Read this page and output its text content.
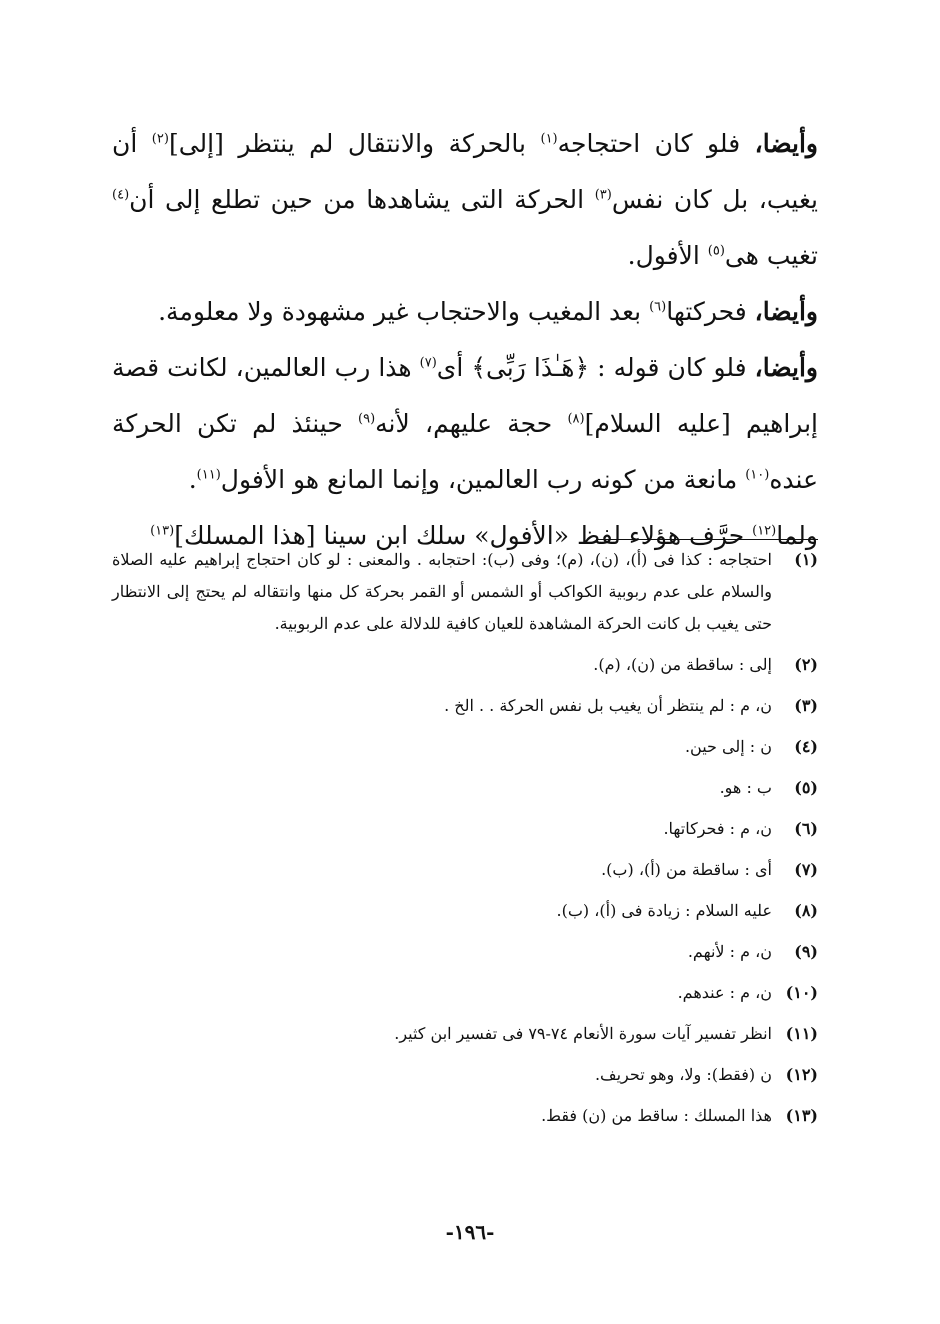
وأيضا، فلو كان احتجاجه$^{(١)}$ بالحركة والانتقال لم ينتظر [إلى]$^{(٢)}$ أن يغيب، بل كان نفس$^{(٣)}$ الحركة التى يشاهدها من حين تطلع إلى أن$^{(٤)}$ تغيب هى$^{(٥)}$ الأفول.

وأيضا، فحركتها$^{(٦)}$ بعد المغيب والاحتجاب غير مشهودة ولا معلومة.

وأيضا، فلو كان قوله : ﴿هَـٰذَا رَبِّى﴾ أى$^{(٧)}$ هذا رب العالمين، لكانت قصة إبراهيم [عليه السلام]$^{(٨)}$ حجة عليهم، لأنه$^{(٩)}$ حينئذ لم تكن الحركة عنده$^{(١٠)}$ مانعة من كونه رب العالمين، وإنما المانع هو الأفول$^{(١١)}$.

ولما$^{(١٢)}$ حرَّف هؤلاء لفظ «الأفول» سلك ابن سينا [هذا المسلك]$^{(١٣)}$

(١)
احتجاجه : كذا فى (أ)، (ن)، (م)؛ وفى (ب): احتجابه . والمعنى : لو كان احتجاج إبراهيم عليه الصلاة والسلام على عدم ربوبية الكواكب أو الشمس أو القمر بحركة كل منها وانتقاله لم يحتج إلى الانتظار حتى يغيب بل كانت الحركة المشاهدة للعيان كافية للدلالة على عدم الربوبية.
(٢)
إلى : ساقطة من (ن)، (م).
(٣)
ن، م : لم ينتظر أن يغيب بل نفس الحركة . . الخ .
(٤)
ن : إلى حين.
(٥)
ب : هو.
(٦)
ن، م : فحركاتها.
(٧)
أى : ساقطة من (أ)، (ب).
(٨)
عليه السلام : زيادة فى (أ)، (ب).
(٩)
ن، م : لأنهم.
(١٠)
ن، م : عندهم.
(١١)
انظر تفسير آيات سورة الأنعام ٧٤-٧٩ فى تفسير ابن كثير.
(١٢)
ن (فقط): ولا، وهو تحريف.
(١٣)
هذا المسلك : ساقط من (ن) فقط.
-١٩٦-
